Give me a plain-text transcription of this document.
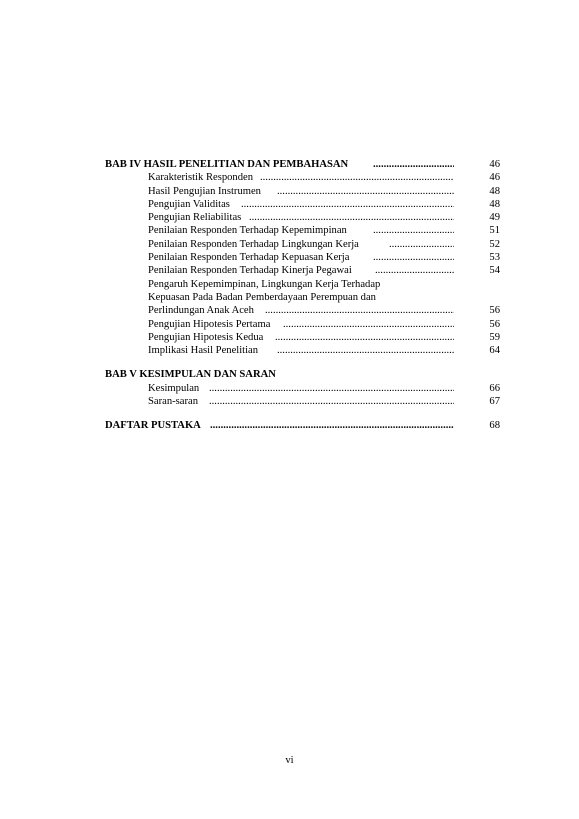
.....
BAB IV HASIL PENELITIAN DAN PEMBAHASAN	46
.....
Karakteristik Responden	46
.....
Hasil Pengujian Instrumen	48
.....
Pengujian Validitas	48
.....
Pengujian Reliabilitas	49
.....
Penilaian Responden Terhadap Kepemimpinan	51
.....
Penilaian Responden Terhadap Lingkungan Kerja	52
.....
Penilaian Responden Terhadap Kepuasan Kerja	53
.....
Penilaian Responden Terhadap Kinerja Pegawai	54
Pengaruh Kepemimpinan, Lingkungan Kerja Terhadap
Kepuasan Pada Badan Pemberdayaan Perempuan dan
.....
Perlindungan Anak Aceh	56
.....
Pengujian Hipotesis Pertama	56
.....
Pengujian Hipotesis Kedua	59
.....
Implikasi Hasil Penelitian	64
BAB V KESIMPULAN DAN SARAN
.....
Kesimpulan	66
.....
Saran-saran	67
.....
DAFTAR PUSTAKA	68
vi
